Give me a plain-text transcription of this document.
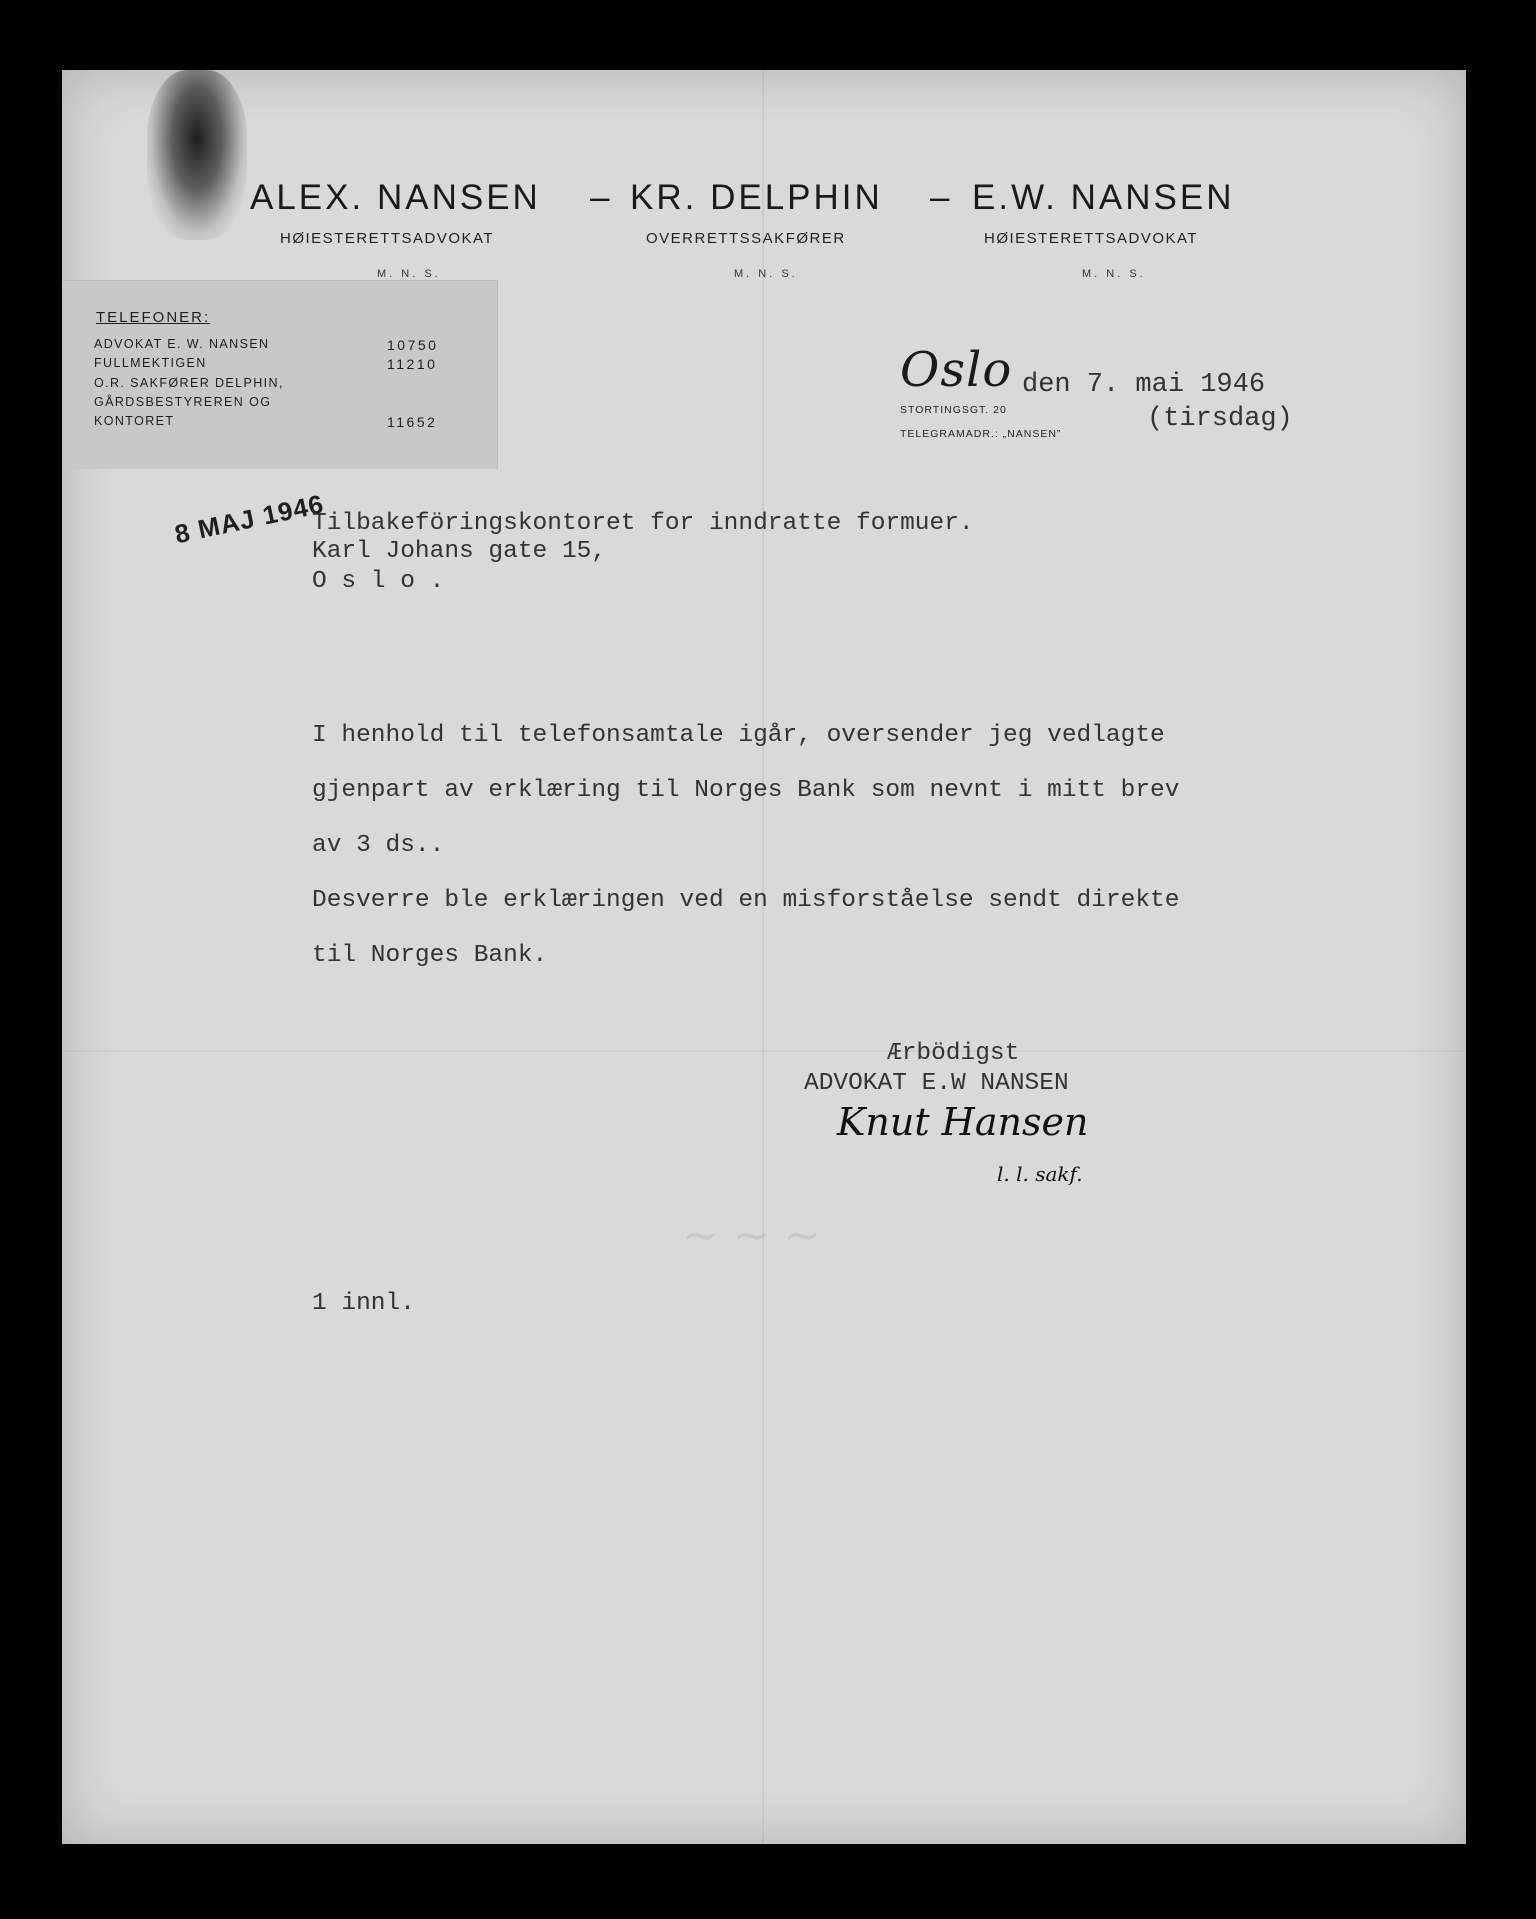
ALEX. NANSEN – KR. DELPHIN – E.W. NANSEN
HØIESTERETTSADVOKAT	OVERRETTSSAKFØRER	HØIESTERETTSADVOKAT
M. N. S.	M. N. S.	M. N. S.
TELEFONER:
ADVOKAT E. W. NANSEN	10750
FULLMEKTIGEN	11210
O.R. SAKFØRER DELPHIN,
GÅRDSBESTYREREN OG
KONTORET	11652
Oslo den 7. mai 1946
(tirsdag)
STORTINGSGT. 20
TELEGRAMADR.: „NANSEN”
8 MAJ 1946
Tilbakeföringskontoret for inndratte formuer.
Karl Johans gate 15,
O s l o .
I henhold til telefonsamtale igår, oversender jeg vedlagte
gjenpart av erklæring til Norges Bank som nevnt i mitt brev
av 3 ds..
Desverre ble erklæringen ved en misforståelse sendt direkte
til Norges Bank.
Ærbödigst
ADVOKAT E.W NANSEN
Knut Hansen
l. l. sakf.
~ ~ ~
1 innl.
